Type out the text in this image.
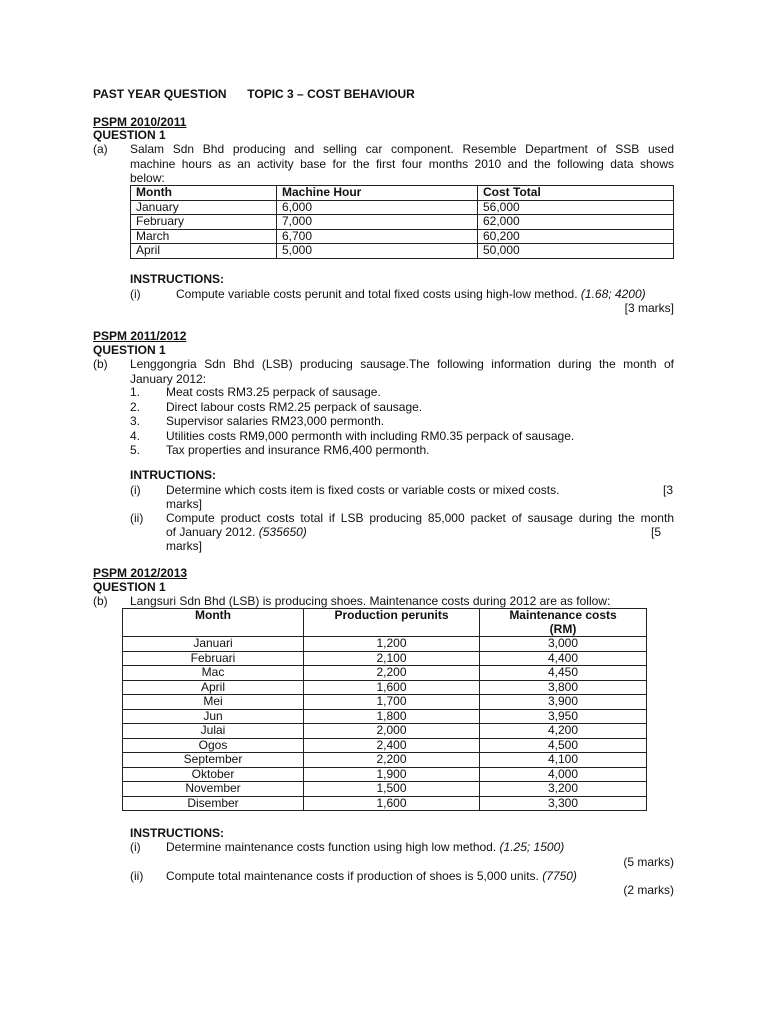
PAST YEAR QUESTION TOPIC 3 – COST BEHAVIOUR
PSPM 2010/2011
QUESTION 1
(a) Salam Sdn Bhd producing and selling car component. Resemble Department of SSB used
machine hours as an activity base for the first four months 2010 and the following data shows
below:
Month	Machine Hour	Cost Total
January	6,000	56,000
February	7,000	62,000
March	6,700	60,200
April	5,000	50,000
INSTRUCTIONS:
(i)	Compute variable costs perunit and total fixed costs using high-low method. (1.68; 4200)
[3 marks]
PSPM 2011/2012
QUESTION 1
(b) Lenggongria Sdn Bhd (LSB) producing sausage.The following information during the month of
January 2012:
1. Meat costs RM3.25 perpack of sausage.
2. Direct labour costs RM2.25 perpack of sausage.
3. Supervisor salaries RM23,000 permonth.
4. Utilities costs RM9,000 permonth with including RM0.35 perpack of sausage.
5. Tax properties and insurance RM6,400 permonth.
INTRUCTIONS:
(i) Determine which costs item is fixed costs or variable costs or mixed costs.	[3
marks]
(ii) Compute product costs total if LSB producing 85,000 packet of sausage during the month
of January 2012. (535650)	[5
marks]
PSPM 2012/2013
QUESTION 1
(b) Langsuri Sdn Bhd (LSB) is producing shoes. Maintenance costs during 2012 are as follow:
Month	Production perunits	Maintenance costs
(RM)

Januari	1,200	3,000
Februari	2,100	4,400
Mac	2,200	4,450
April	1,600	3,800
Mei	1,700	3,900
Jun	1,800	3,950
Julai	2,000	4,200
Ogos	2,400	4,500
September	2,200	4,100
Oktober	1,900	4,000
November	1,500	3,200
Disember	1,600	3,300
INSTRUCTIONS:
(i) Determine maintenance costs function using high low method. (1.25; 1500)
(5 marks)
(ii) Compute total maintenance costs if production of shoes is 5,000 units. (7750)
(2 marks)
